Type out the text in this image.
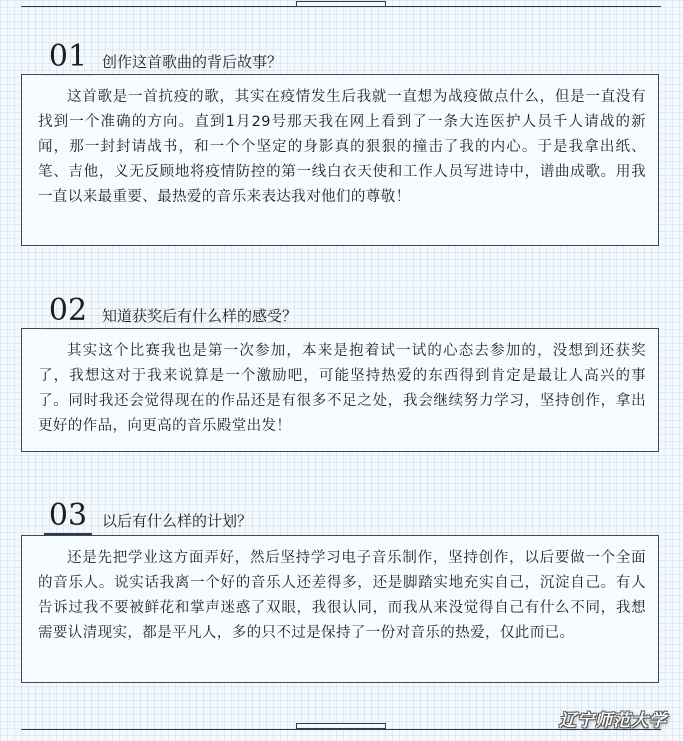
01 创作这首歌曲的背后故事？
这首歌是一首抗疫的歌，其实在疫情发生后我就一直想为战疫做点什么，但是一直没有找到一个准确的方向。直到1月29号那天我在网上看到了一条大连医护人员千人请战的新闻，那一封封请战书，和一个个坚定的身影真的狠狠的撞击了我的内心。于是我拿出纸、笔、吉他，义无反顾地将疫情防控的第一线白衣天使和工作人员写进诗中，谱曲成歌。用我一直以来最重要、最热爱的音乐来表达我对他们的尊敬！
02 知道获奖后有什么样的感受？
其实这个比赛我也是第一次参加，本来是抱着试一试的心态去参加的，没想到还获奖了，我想这对于我来说算是一个激励吧，可能坚持热爱的东西得到肯定是最让人高兴的事了。同时我还会觉得现在的作品还是有很多不足之处，我会继续努力学习，坚持创作，拿出更好的作品，向更高的音乐殿堂出发！
03 以后有什么样的计划？
还是先把学业这方面弄好，然后坚持学习电子音乐制作，坚持创作，以后要做一个全面的音乐人。说实话我离一个好的音乐人还差得多，还是脚踏实地充实自己，沉淀自己。有人告诉过我不要被鲜花和掌声迷惑了双眼，我很认同，而我从来没觉得自己有什么不同，我想需要认清现实，都是平凡人，多的只不过是保持了一份对音乐的热爱，仅此而已。
辽宁师范大学
